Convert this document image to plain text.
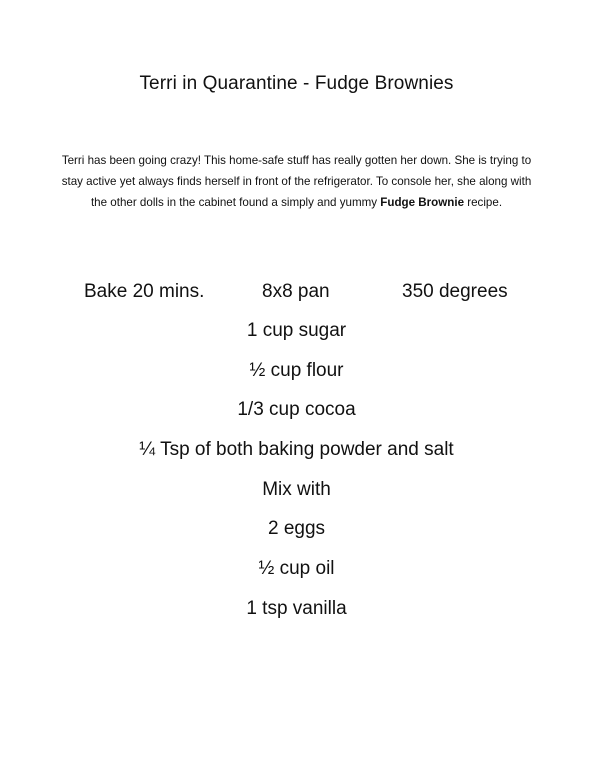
Terri in Quarantine - Fudge Brownies

Terri has been going crazy! This home-safe stuff has really gotten her down. She is trying to stay active yet always finds herself in front of the refrigerator. To console her, she along with the other dolls in the cabinet found a simply and yummy Fudge Brownie recipe.

Bake 20 mins.	8x8 pan	350 degrees
1 cup sugar
½ cup flour
1/3 cup cocoa
¼ Tsp of both baking powder and salt
Mix with
2 eggs
½ cup oil
1 tsp vanilla
